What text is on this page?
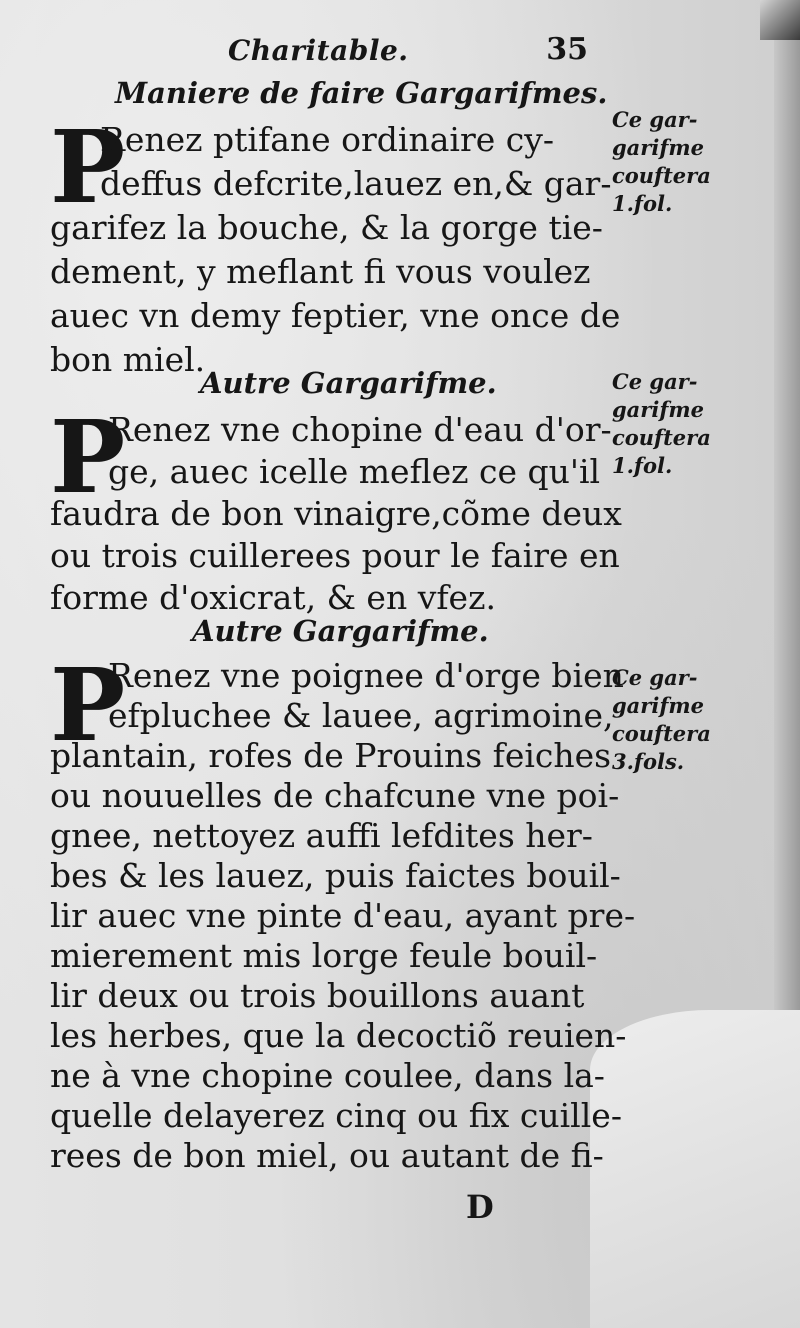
Charitable.	35
Maniere de faire Gargarifmes.
P
Renez ptifane ordinaire cy-
deffus defcrite,lauez en,& gar-
garifez la bouche, & la gorge tie-
dement, y meflant fi vous voulez
auec vn demy feptier, vne once de
bon miel.
Ce gar-
garifme
couftera
1.fol.
Autre Gargarifme.
P
Renez vne chopine d'eau d'or-
ge, auec icelle meflez ce qu'il
faudra de bon vinaigre,cõme deux
ou trois cuillerees pour le faire en
forme d'oxicrat, & en vfez.
Ce gar-
garifme
couftera
1.fol.
Autre Gargarifme.
P
Renez vne poignee d'orge bien
efpluchee & lauee, agrimoine,
plantain, rofes de Prouins feiches
ou nouuelles de chafcune vne poi-
gnee, nettoyez auffi lefdites her-
bes & les lauez, puis faictes bouil-
lir auec vne pinte d'eau, ayant pre-
mierement mis lorge feule bouil-
lir deux ou trois bouillons auant
les herbes, que la decoctiõ reuien-
ne à vne chopine coulee, dans la-
quelle delayerez cinq ou fix cuille-
rees de bon miel, ou autant de fi-
Ce gar-
garifme
couftera
3.fols.
D
